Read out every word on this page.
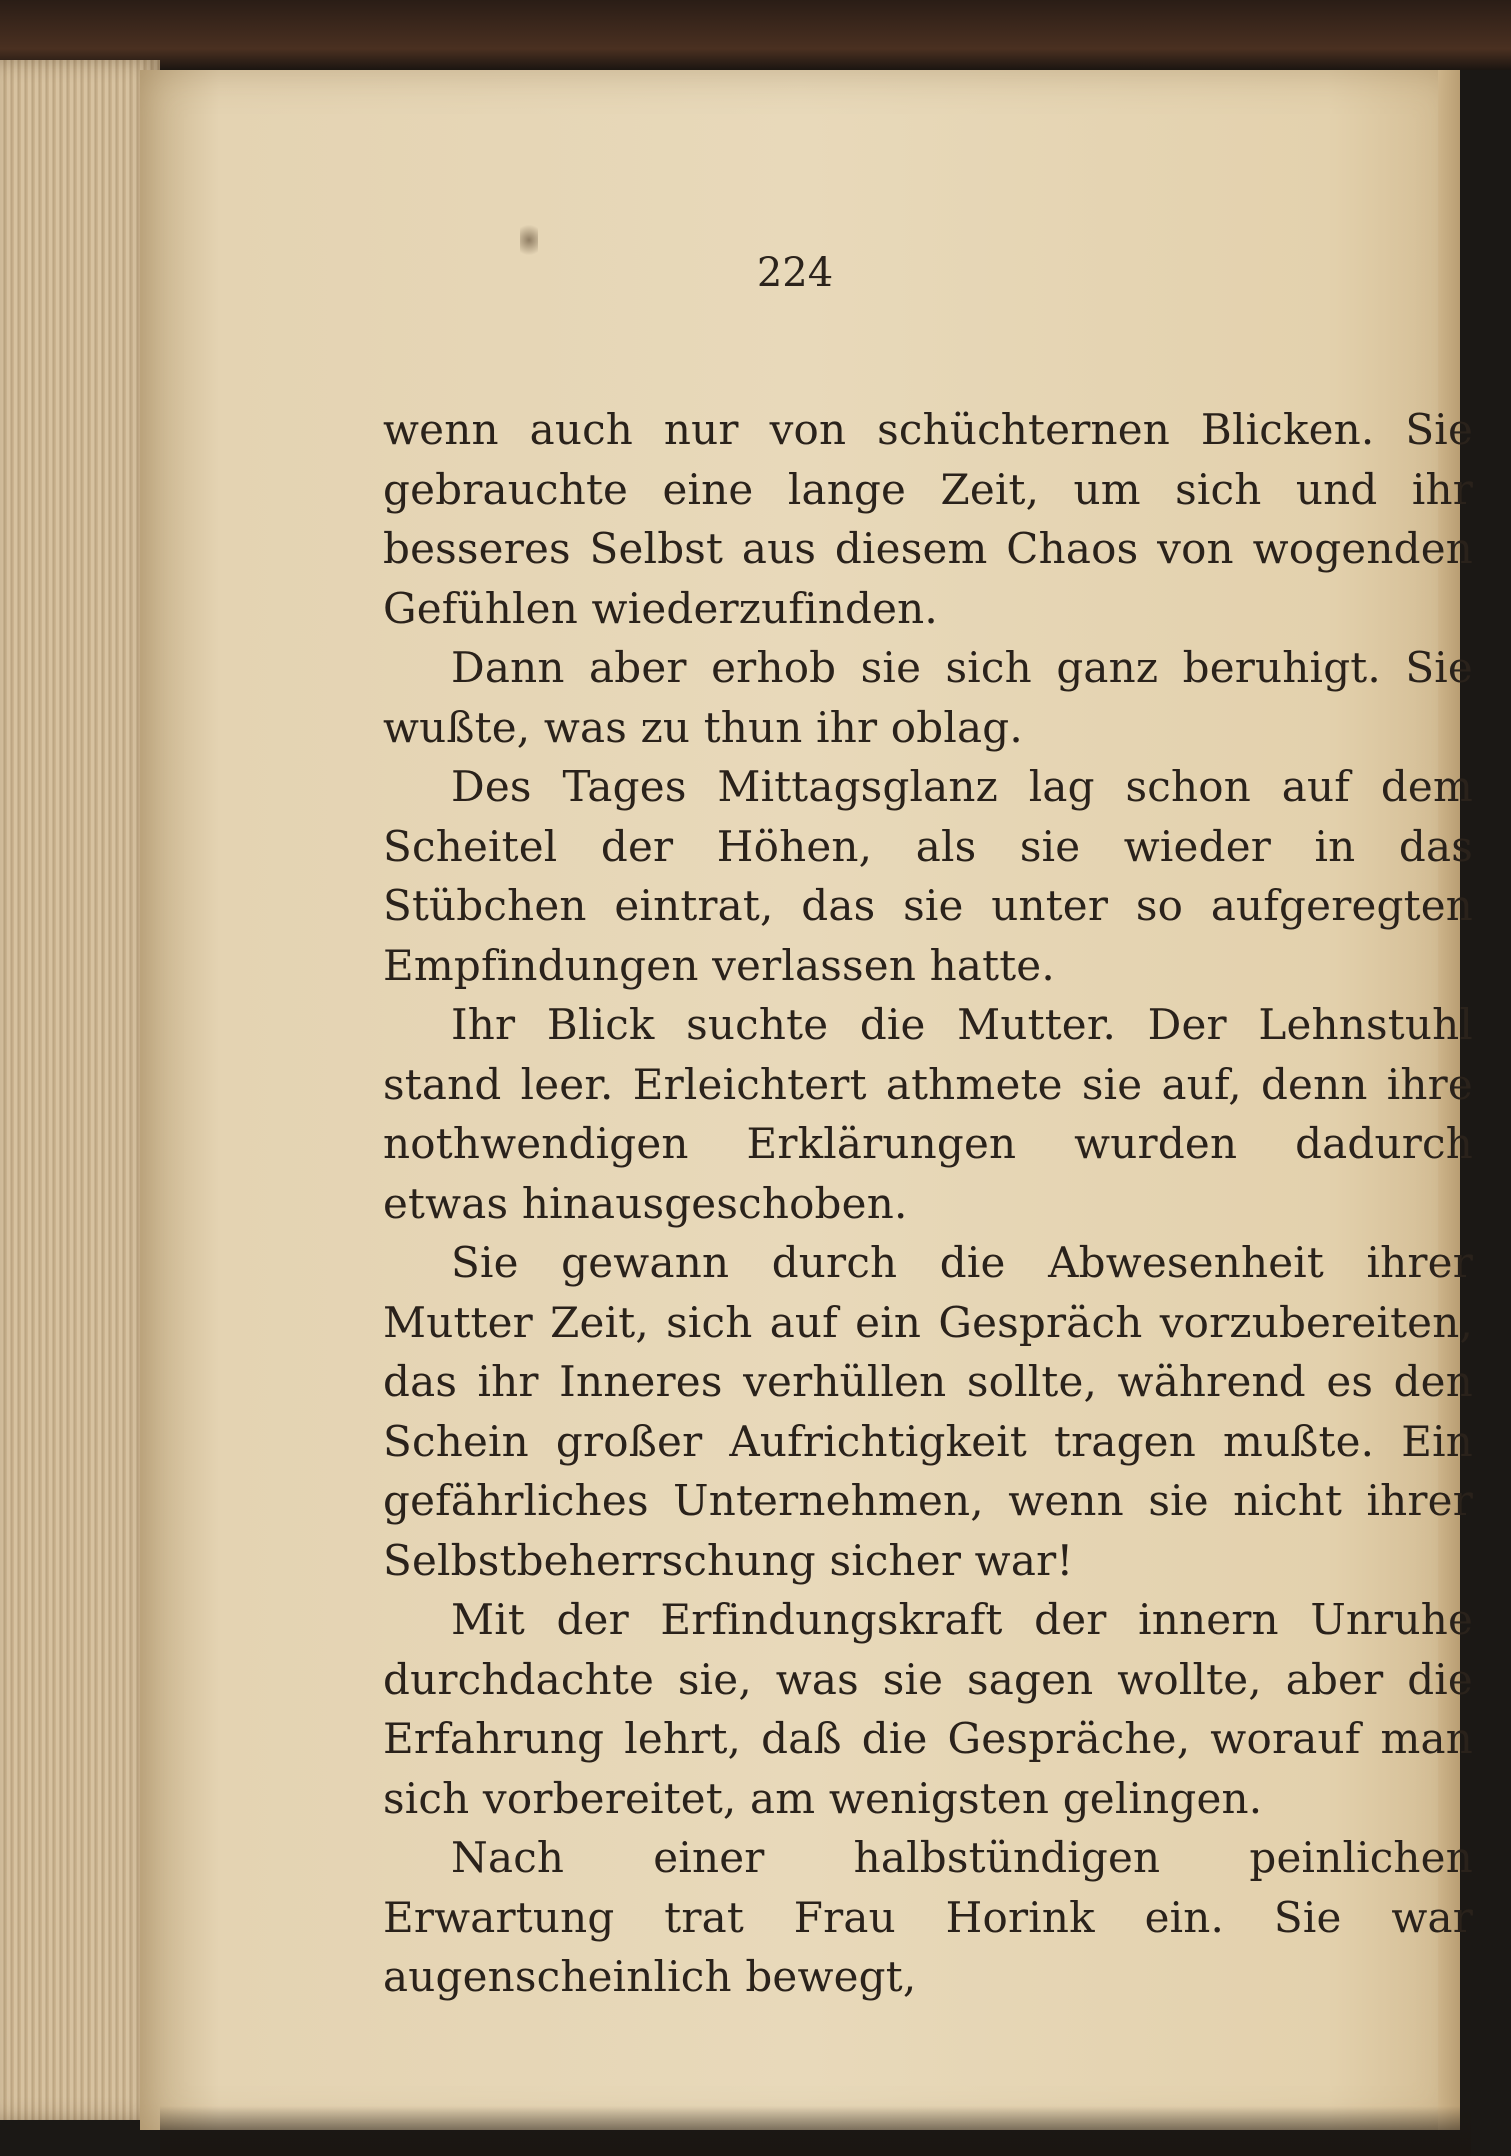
224

wenn auch nur von schüchternen Blicken. Sie gebrauchte eine lange Zeit, um sich und ihr besseres Selbst aus diesem Chaos von wogenden Gefühlen wiederzufinden.

Dann aber erhob sie sich ganz beruhigt. Sie wußte, was zu thun ihr oblag.

Des Tages Mittagsglanz lag schon auf dem Scheitel der Höhen, als sie wieder in das Stübchen eintrat, das sie unter so aufgeregten Empfindungen verlassen hatte.

Ihr Blick suchte die Mutter. Der Lehnstuhl stand leer. Erleichtert athmete sie auf, denn ihre nothwendigen Erklärungen wurden dadurch etwas hinausgeschoben.

Sie gewann durch die Abwesenheit ihrer Mutter Zeit, sich auf ein Gespräch vorzubereiten, das ihr Inneres verhüllen sollte, während es den Schein großer Aufrichtigkeit tragen mußte. Ein gefährliches Unternehmen, wenn sie nicht ihrer Selbstbeherrschung sicher war!

Mit der Erfindungskraft der innern Unruhe durchdachte sie, was sie sagen wollte, aber die Erfahrung lehrt, daß die Gespräche, worauf man sich vorbereitet, am wenigsten gelingen.

Nach einer halbstündigen peinlichen Erwartung trat Frau Horink ein. Sie war augenscheinlich bewegt,
